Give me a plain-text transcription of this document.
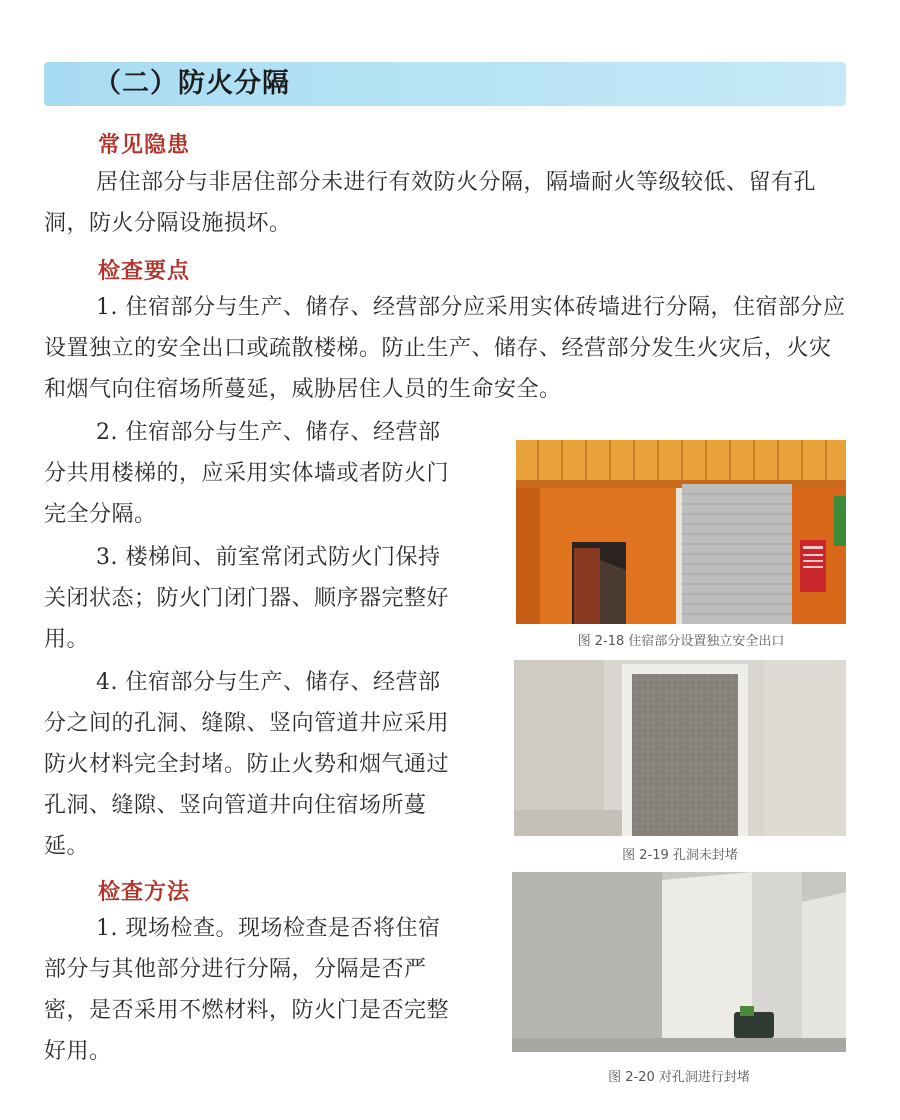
（二）防火分隔
常见隐患

居住部分与非居住部分未进行有效防火分隔，隔墙耐火等级较低、留有孔洞，防火分隔设施损坏。

检查要点

1. 住宿部分与生产、储存、经营部分应采用实体砖墙进行分隔，住宿部分应设置独立的安全出口或疏散楼梯。防止生产、储存、经营部分发生火灾后，火灾和烟气向住宿场所蔓延，威胁居住人员的生命安全。

2. 住宿部分与生产、储存、经营部分共用楼梯的，应采用实体墙或者防火门完全分隔。

3. 楼梯间、前室常闭式防火门保持关闭状态；防火门闭门器、顺序器完整好用。

4. 住宿部分与生产、储存、经营部分之间的孔洞、缝隙、竖向管道井应采用防火材料完全封堵。防止火势和烟气通过孔洞、缝隙、竖向管道井向住宿场所蔓延。

检查方法

1. 现场检查。现场检查是否将住宿部分与其他部分进行分隔，分隔是否严密，是否采用不燃材料，防火门是否完整好用。

图 2-18 住宿部分设置独立安全出口
图 2-19 孔洞未封堵
图 2-20 对孔洞进行封堵
